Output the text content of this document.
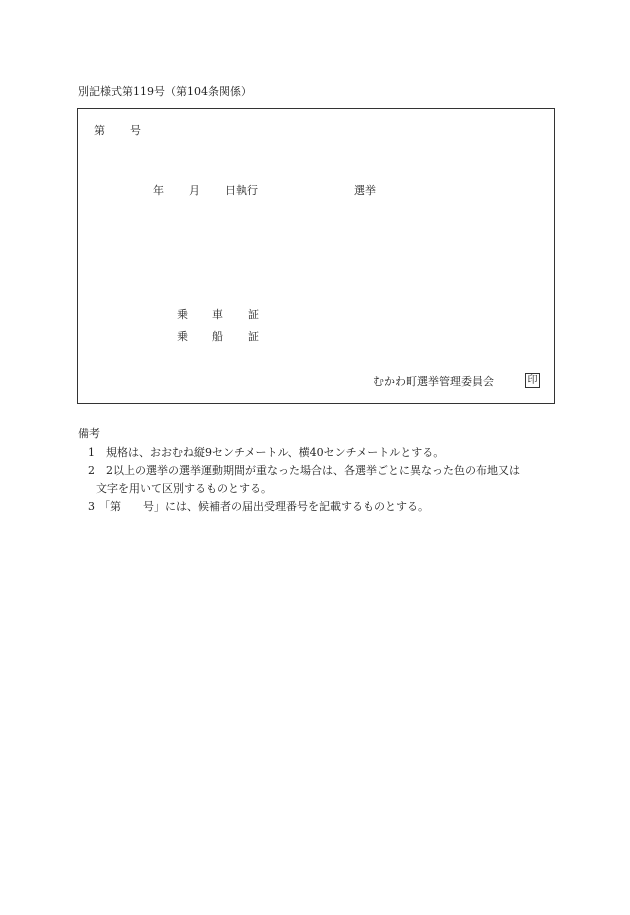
別記様式第119号（第104条関係）
第 号
年 月 日執行	選挙
乗 車 証
乗 船 証
むかわ町選挙管理委員会	印
備考
1 規格は、おおむね縦9センチメートル、横40センチメートルとする。
2 2以上の選挙の選挙運動期間が重なった場合は、各選挙ごとに異なった色の布地又は
文字を用いて区別するものとする。
3 「第　　号」には、候補者の届出受理番号を記載するものとする。
